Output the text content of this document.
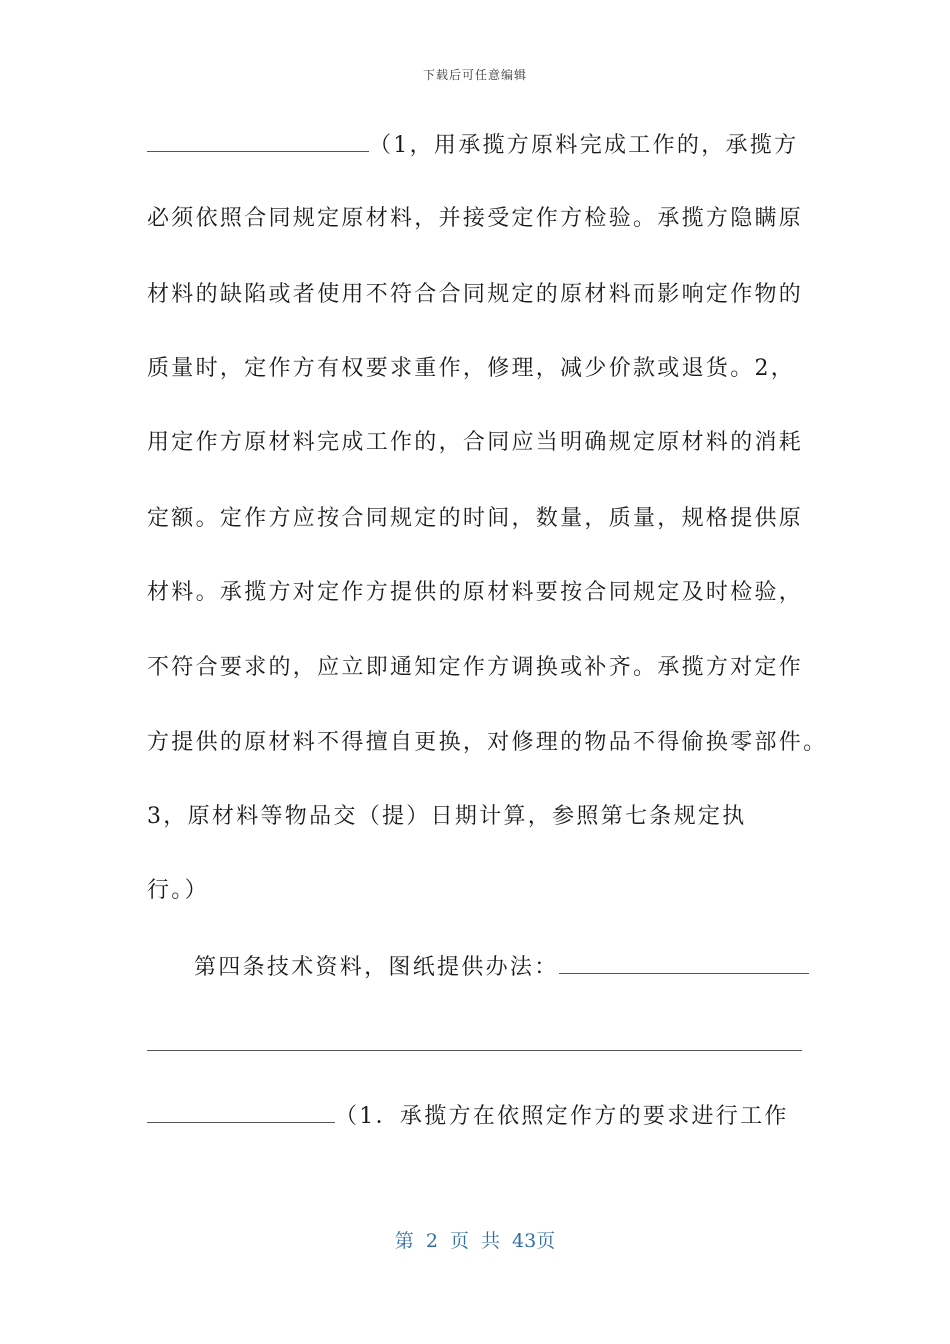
下载后可任意编辑
（1，用承揽方原料完成工作的，承揽方
必须依照合同规定原材料，并接受定作方检验。承揽方隐瞒原
材料的缺陷或者使用不符合合同规定的原材料而影响定作物的
质量时，定作方有权要求重作，修理，减少价款或退货。2，
用定作方原材料完成工作的，合同应当明确规定原材料的消耗
定额。定作方应按合同规定的时间，数量，质量，规格提供原
材料。承揽方对定作方提供的原材料要按合同规定及时检验，
不符合要求的，应立即通知定作方调换或补齐。承揽方对定作
方提供的原材料不得擅自更换，对修理的物品不得偷换零部件。
3，原材料等物品交（提）日期计算，参照第七条规定执
行。）
第四条技术资料，图纸提供办法：
（1．承揽方在依照定作方的要求进行工作
第 2 页 共 43页
